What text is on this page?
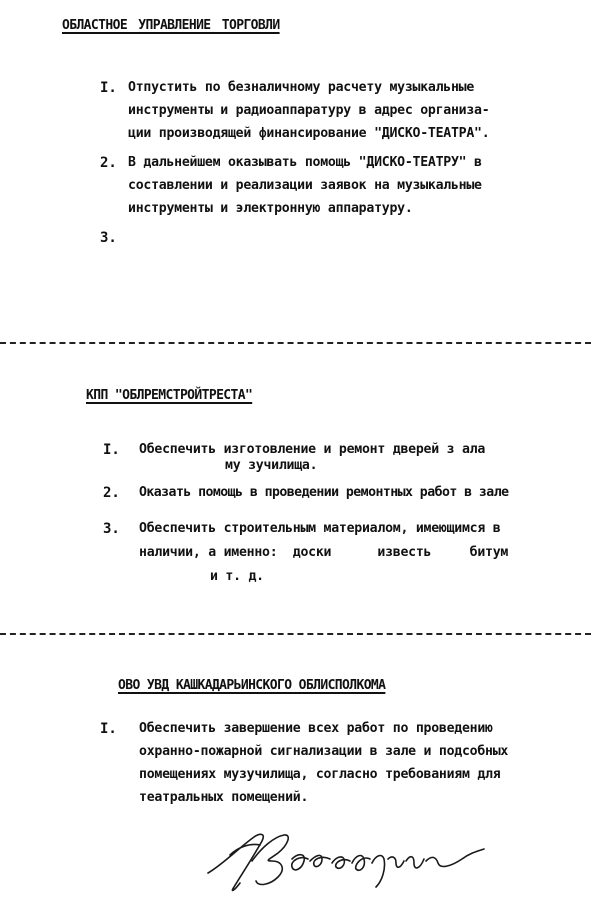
ОБЛАСТНОЕ УПРАВЛЕНИЕ ТОРГОВЛИ
I. Отпустить по безналичному расчету музыкальные
инструменты и радиоаппаратуру в адрес организа-
ции производящей финансирование "ДИСКО-ТЕАТРА".
2. В дальнейшем оказывать помощь "ДИСКО-ТЕАТРУ" в
составлении и реализации заявок на музыкальные
инструменты и электронную аппаратуру.
3.
КПП "ОБЛРЕМСТРОЙТРЕСТА"
I. Обеспечить изготовление и ремонт дверей з ала
му зучилища.
2. Оказать помощь в проведении ремонтных работ в зале
3. Обеспечить строительным материалом, имеющимся в
наличии, а именно:  доски      известь     битум
и т. д.
ОВО УВД КАШКАДАРЬИНСКОГО ОБЛИСПОЛКОМА
I. Обеспечить завершение всех работ по проведению
охранно-пожарной сигнализации в зале и подсобных
помещениях музучилища, согласно требованиям для
театральных помещений.
